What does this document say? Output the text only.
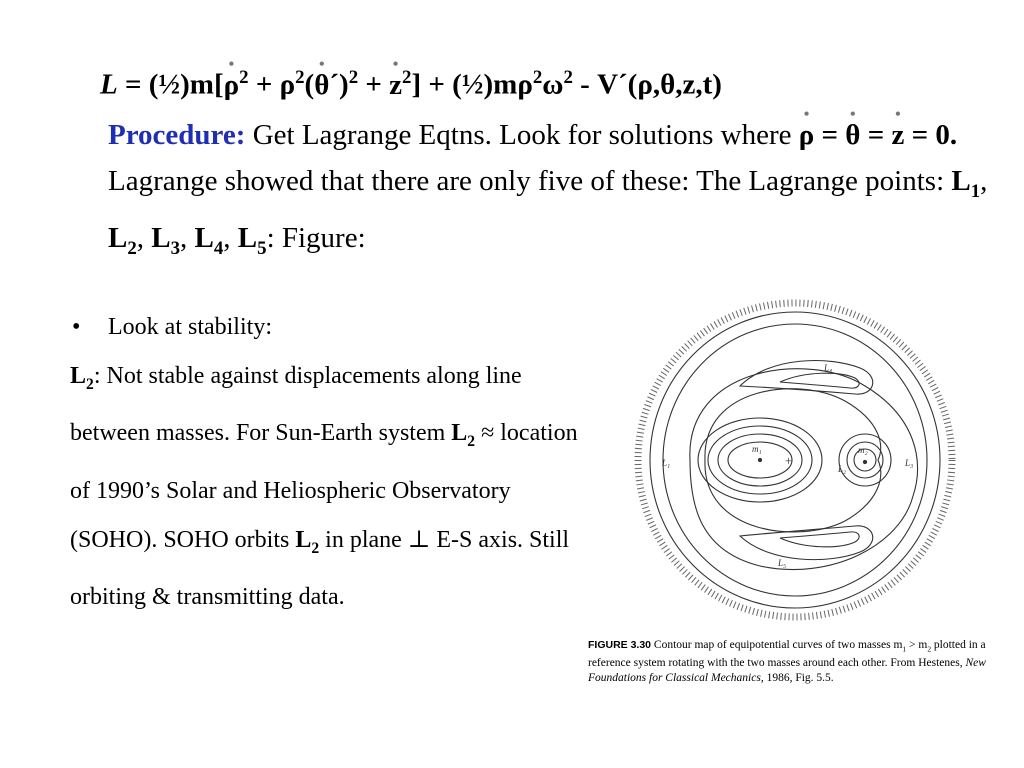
L = (½)m[• $\rho^2$ + $\rho^2(•$ θ´)$^2$ + • $z^2$] + $(\frac{1}{2})m\rho^2\omega^2$ - V´(ρ,θ,z,t)
Procedure: Get Lagrange Eqtns. Look for solutions where • ρ = • θ = • z = 0. Lagrange showed that there are only five of these: The Lagrange points: $L_1$, $L_2$, $L_3$, $L_4$, $L_5$: Figure:
• Look at stability:
$L_2$: Not stable against displacements along line between masses. For Sun-Earth system $L_2$ ≈ location of 1990’s Solar and Heliospheric Observatory (SOHO). SOHO orbits $L_2$ in plane ⊥ E-S axis. Still orbiting & transmitting data.
L₁	L₃
L₄
L₅
L₂
m₁	m₂
+
FIGURE 3.30 Contour map of equipotential curves of two masses $m_1 > m_2$ plotted in a reference system rotating with the two masses around each other. From Hestenes, New Foundations for Classical Mechanics, 1986, Fig. 5.5.
